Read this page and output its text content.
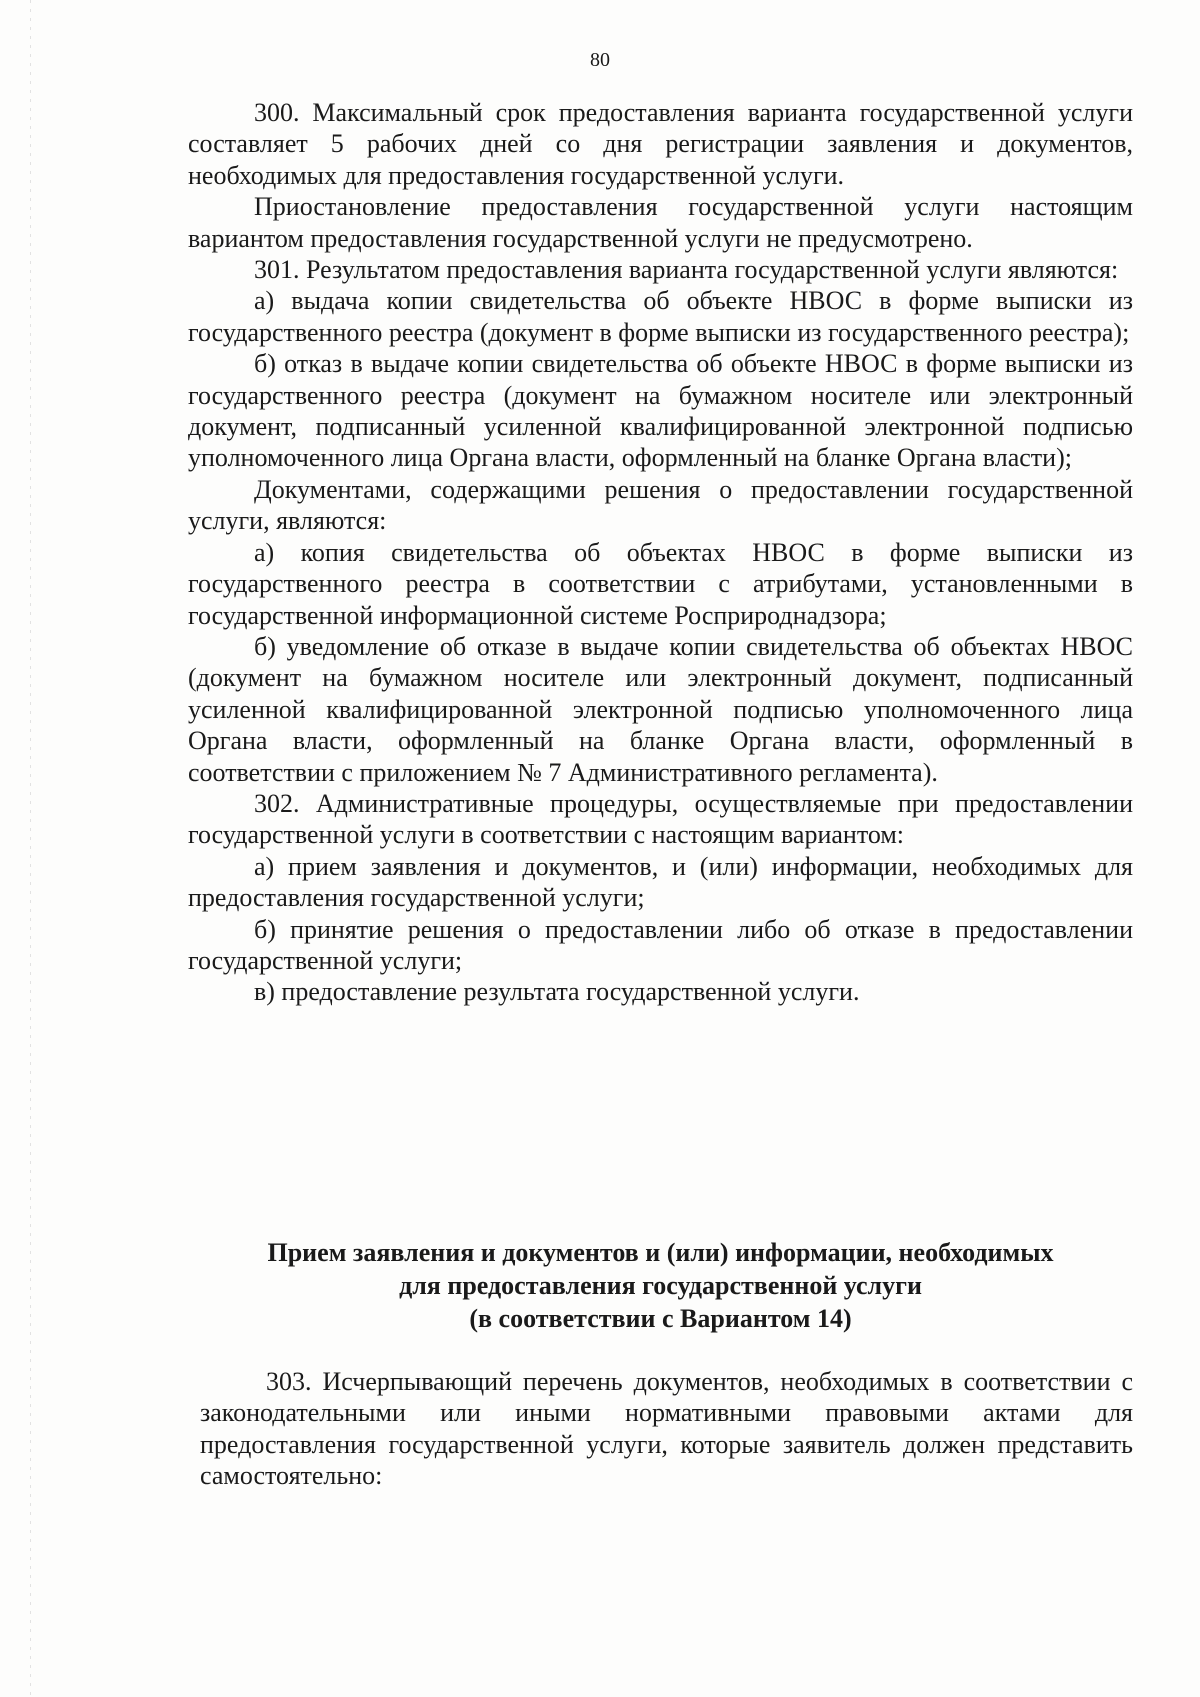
80

300. Максимальный срок предоставления варианта государственной услуги составляет 5 рабочих дней со дня регистрации заявления и документов, необходимых для предоставления государственной услуги.

Приостановление предоставления государственной услуги настоящим вариантом предоставления государственной услуги не предусмотрено.

301. Результатом предоставления варианта государственной услуги являются:

а) выдача копии свидетельства об объекте НВОС в форме выписки из государственного реестра (документ в форме выписки из государственного реестра);

б) отказ в выдаче копии свидетельства об объекте НВОС в форме выписки из государственного реестра (документ на бумажном носителе или электронный документ, подписанный усиленной квалифицированной электронной подписью уполномоченного лица Органа власти, оформленный на бланке Органа власти);

Документами, содержащими решения о предоставлении государственной услуги, являются:

а) копия свидетельства об объектах НВОС в форме выписки из государственного реестра в соответствии с атрибутами, установленными в государственной информационной системе Росприроднадзора;

б) уведомление об отказе в выдаче копии свидетельства об объектах НВОС (документ на бумажном носителе или электронный документ, подписанный усиленной квалифицированной электронной подписью уполномоченного лица Органа власти, оформленный на бланке Органа власти, оформленный в соответствии с приложением № 7 Административного регламента).

302. Административные процедуры, осуществляемые при предоставлении государственной услуги в соответствии с настоящим вариантом:

а) прием заявления и документов, и (или) информации, необходимых для предоставления государственной услуги;

б) принятие решения о предоставлении либо об отказе в предоставлении государственной услуги;

в) предоставление результата государственной услуги.

Прием заявления и документов и (или) информации, необходимых
для предоставления государственной услуги
(в соответствии с Вариантом 14)

303. Исчерпывающий перечень документов, необходимых в соответствии с законодательными или иными нормативными правовыми актами для предоставления государственной услуги, которые заявитель должен представить самостоятельно:
